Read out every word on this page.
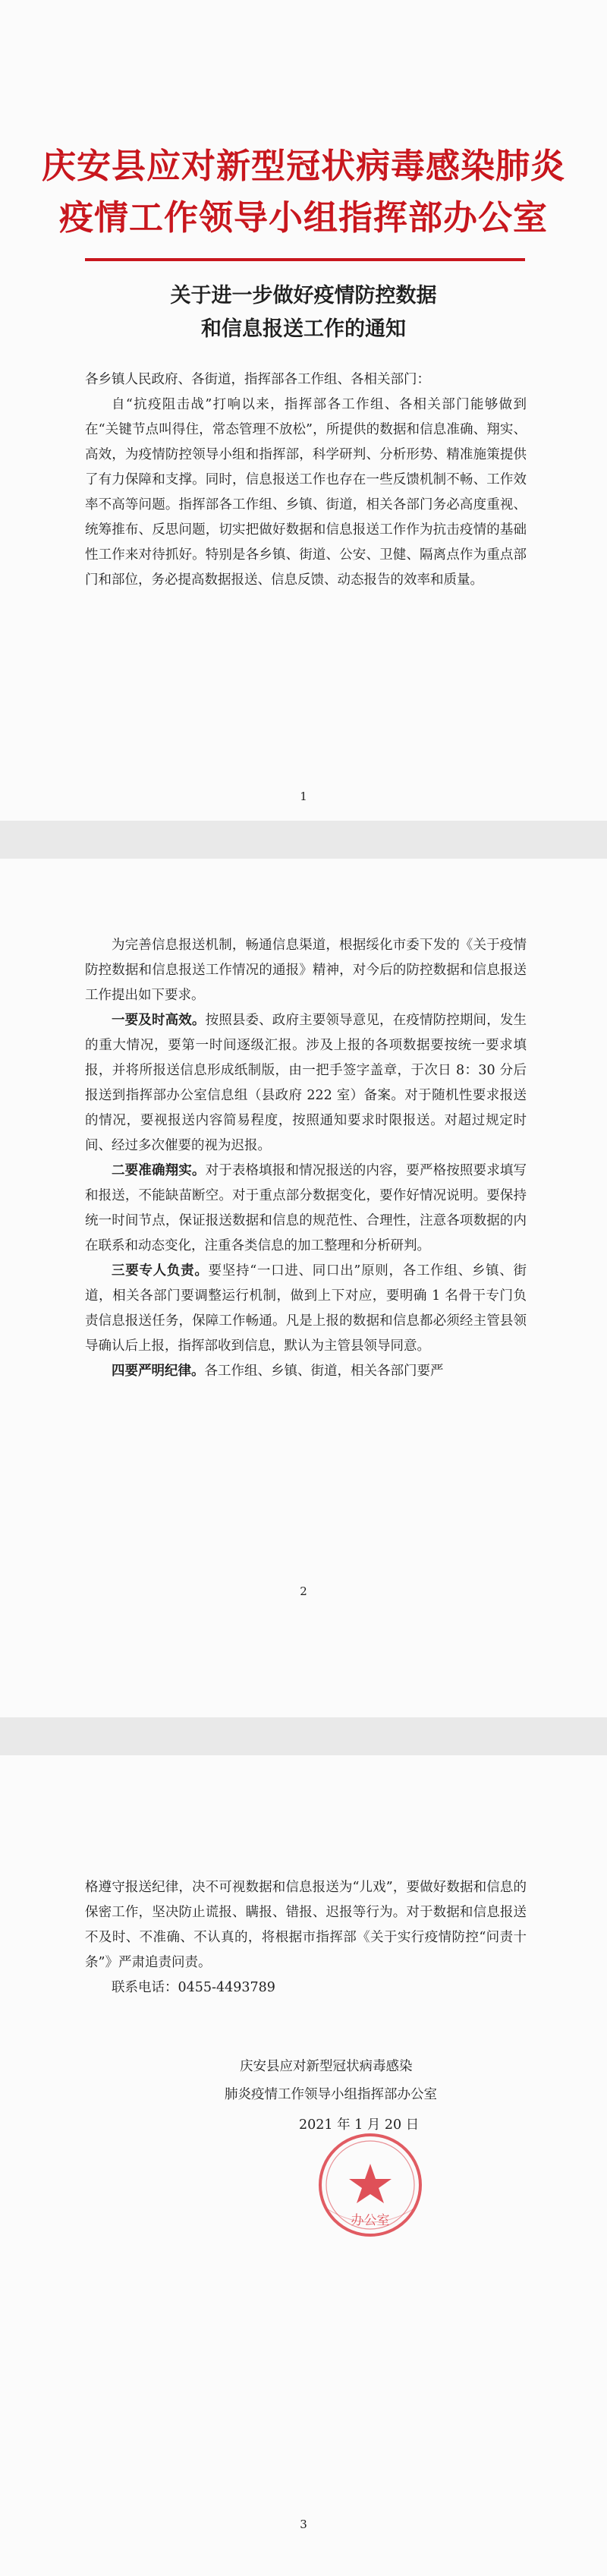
庆安县应对新型冠状病毒感染肺炎
疫情工作领导小组指挥部办公室
关于进一步做好疫情防控数据
和信息报送工作的通知

各乡镇人民政府、各街道，指挥部各工作组、各相关部门：

自“抗疫阻击战”打响以来，指挥部各工作组、各相关部门能够做到在“关键节点叫得住，常态管理不放松”，所提供的数据和信息准确、翔实、高效，为疫情防控领导小组和指挥部，科学研判、分析形势、精准施策提供了有力保障和支撑。同时，信息报送工作也存在一些反馈机制不畅、工作效率不高等问题。指挥部各工作组、乡镇、街道，相关各部门务必高度重视、统筹推布、反思问题，切实把做好数据和信息报送工作作为抗击疫情的基础性工作来对待抓好。特别是各乡镇、街道、公安、卫健、隔离点作为重点部门和部位，务必提高数据报送、信息反馈、动态报告的效率和质量。

1

为完善信息报送机制，畅通信息渠道，根据绥化市委下发的《关于疫情防控数据和信息报送工作情况的通报》精神，对今后的防控数据和信息报送工作提出如下要求。

一要及时高效。按照县委、政府主要领导意见，在疫情防控期间，发生的重大情况，要第一时间逐级汇报。涉及上报的各项数据要按统一要求填报，并将所报送信息形成纸制版，由一把手签字盖章，于次日 8：30 分后报送到指挥部办公室信息组（县政府 222 室）备案。对于随机性要求报送的情况，要视报送内容简易程度，按照通知要求时限报送。对超过规定时间、经过多次催要的视为迟报。

二要准确翔实。对于表格填报和情况报送的内容，要严格按照要求填写和报送，不能缺苗断空。对于重点部分数据变化，要作好情况说明。要保持统一时间节点，保证报送数据和信息的规范性、合理性，注意各项数据的内在联系和动态变化，注重各类信息的加工整理和分析研判。

三要专人负责。要坚持“一口进、同口出”原则，各工作组、乡镇、街道，相关各部门要调整运行机制，做到上下对应，要明确 1 名骨干专门负责信息报送任务，保障工作畅通。凡是上报的数据和信息都必须经主管县领导确认后上报，指挥部收到信息，默认为主管县领导同意。

四要严明纪律。各工作组、乡镇、街道，相关各部门要严

2

格遵守报送纪律，决不可视数据和信息报送为“儿戏”，要做好数据和信息的保密工作，坚决防止谎报、瞒报、错报、迟报等行为。对于数据和信息报送不及时、不准确、不认真的，将根据市指挥部《关于实行疫情防控“问责十条”》严肃追责问责。

联系电话：0455-4493789

3
庆安县应对新型冠状病毒感染
肺炎疫情工作领导小组指挥部办公室
2021 年 1 月 20 日
办公室
